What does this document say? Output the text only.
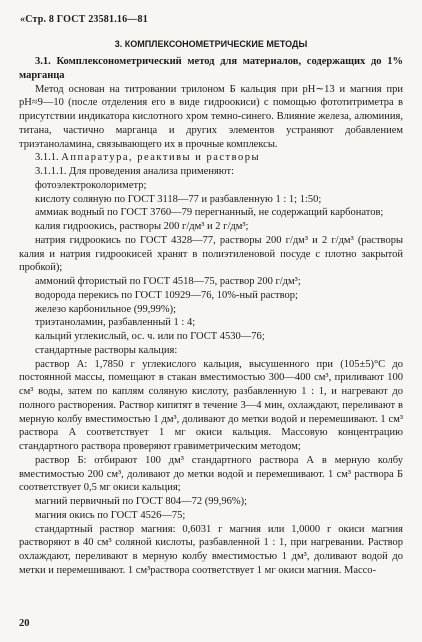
«Стр. 8 ГОСТ 23581.16—81
3. КОМПЛЕКСОНОМЕТРИЧЕСКИЕ МЕТОДЫ

3.1. Комплексонометрический метод для материалов, содержащих до 1% марганца

Метод основан на титровании трилоном Б кальция при pH∼13 и магния при pH≈9—10 (после отделения его в виде гидроокиси) с помощью фототитриметра в присутствии индикатора кислотного хром темно-синего. Влияние железа, алюминия, титана, частично марганца и других элементов устраняют добавлением триэтаноламина, связывающего их в прочные комплексы.

3.1.1. Аппаратура, реактивы и растворы

3.1.1.1. Для проведения анализа применяют:

фотоэлектроколориметр;

кислоту соляную по ГОСТ 3118—77 и разбавленную 1 : 1; 1:50;

аммиак водный по ГОСТ 3760—79 перегнанный, не содержащий карбонатов;

калия гидроокись, растворы 200 г/дм³ и 2 г/дм³;

натрия гидроокись по ГОСТ 4328—77, растворы 200 г/дм³ и 2 г/дм³ (растворы калия и натрия гидроокисей хранят в полиэтиленовой посуде с плотно закрытой пробкой);

аммоний фтористый по ГОСТ 4518—75, раствор 200 г/дм³;

водорода перекись по ГОСТ 10929—76, 10%-ный раствор;

железо карбонильное (99,99%);

триэтаноламин, разбавленный 1 : 4;

кальций углекислый, ос. ч. или по ГОСТ 4530—76;

стандартные растворы кальция:

раствор А: 1,7850 г углекислого кальция, высушенного при (105±5)°С до постоянной массы, помещают в стакан вместимостью 300—400 см³, приливают 100 см³ воды, затем по каплям соляную кислоту, разбавленную 1 : 1, и нагревают до полного растворения. Раствор кипятят в течение 3—4 мин, охлаждают, переливают в мерную колбу вместимостью 1 дм³, доливают до метки водой и перемешивают. 1 см³ раствора А соответствует 1 мг окиси кальция. Массовую концентрацию стандартного раствора проверяют гравиметрическим методом;

раствор Б: отбирают 100 дм³ стандартного раствора А в мерную колбу вместимостью 200 см³, доливают до метки водой и перемешивают. 1 см³ раствора Б соответствует 0,5 мг окиси кальция;

магний первичный по ГОСТ 804—72 (99,96%);

магния окись по ГОСТ 4526—75;

стандартный раствор магния: 0,6031 г магния или 1,0000 г окиси магния растворяют в 40 см³ соляной кислоты, разбавленной 1 : 1, при нагревании. Раствор охлаждают, переливают в мерную колбу вместимостью 1 дм³, доливают водой до метки и перемешивают. 1 см³раствора соответствует 1 мг окиси магния. Массо-

20
